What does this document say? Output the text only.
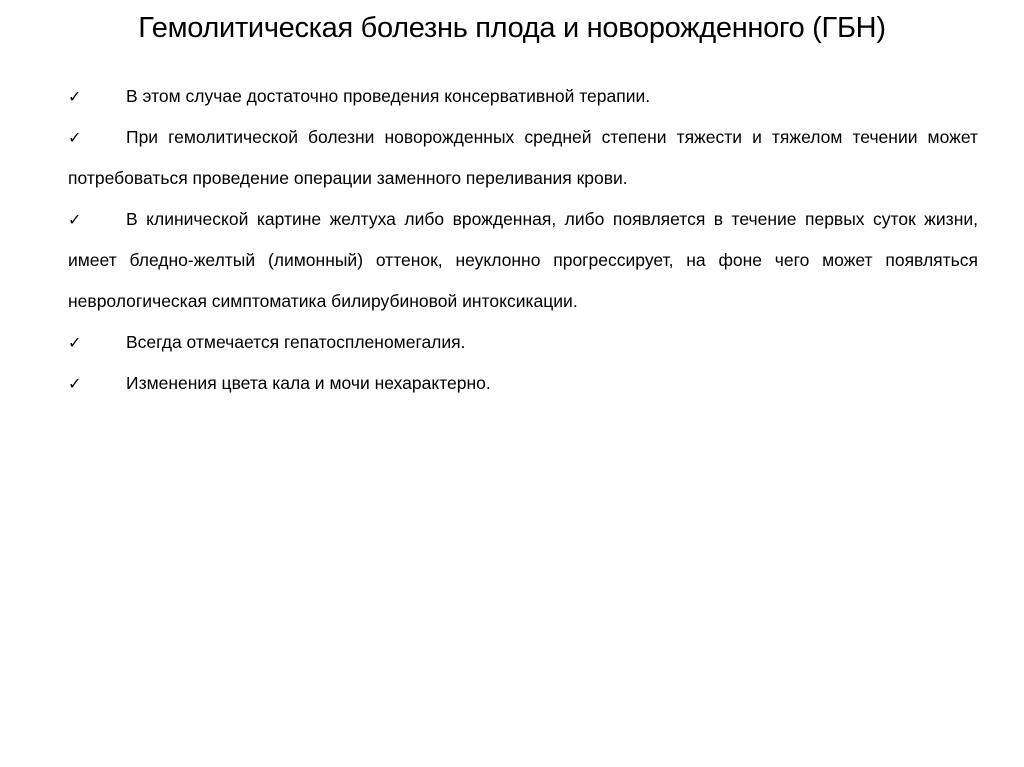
Гемолитическая болезнь плода и новорожденного (ГБН)
✓	В этом случае достаточно проведения консервативной терапии.
✓	При гемолитической болезни новорожденных средней степени тяжести и тяжелом течении может потребоваться проведение операции заменного переливания крови.
✓	В клинической картине желтуха либо врожденная, либо появляется в течение первых суток жизни, имеет бледно-желтый (лимонный) оттенок, неуклонно прогрессирует, на фоне чего может появляться неврологическая симптоматика билирубиновой интоксикации.
✓	Всегда отмечается гепатоспленомегалия.
✓	Изменения цвета кала и мочи нехарактерно.
